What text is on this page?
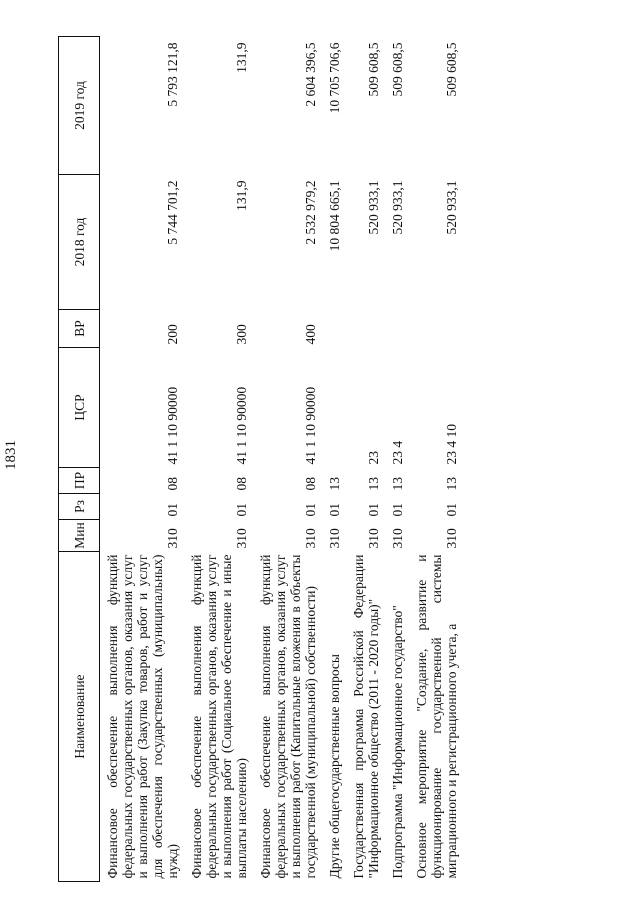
1831
Наименование	Мин	Рз	ПР	ЦСР	ВР	2018 год	2019 год
Финансовое обеспечение выполнения функций федеральных государственных органов, оказания услуг и выполнения работ (Закупка товаров, работ и услуг для обеспечения государственных (муниципальных) нужд)	310	01	08	41 1 10 90000	200	5 744 701,2	5 793 121,8
Финансовое обеспечение выполнения функций федеральных государственных органов, оказания услуг и выполнения работ (Социальное обеспечение и иные выплаты населению)	310	01	08	41 1 10 90000	300	131,9	131,9
Финансовое обеспечение выполнения функций федеральных государственных органов, оказания услуг и выполнения работ (Капитальные вложения в объекты государственной (муниципальной) собственности)	310	01	08	41 1 10 90000	400	2 532 979,2	2 604 396,5
Другие общегосударственные вопросы	310	01	13			10 804 665,1	10 705 706,6
Государственная программа Российской Федерации "Информационное общество (2011 - 2020 годы)"	310	01	13	23		520 933,1	509 608,5
Подпрограмма "Информационное государство"	310	01	13	23 4		520 933,1	509 608,5
Основное мероприятие "Создание, развитие и функционирование государственной системы миграционного и регистрационного учета, а	310	01	13	23 4 10		520 933,1	509 608,5
